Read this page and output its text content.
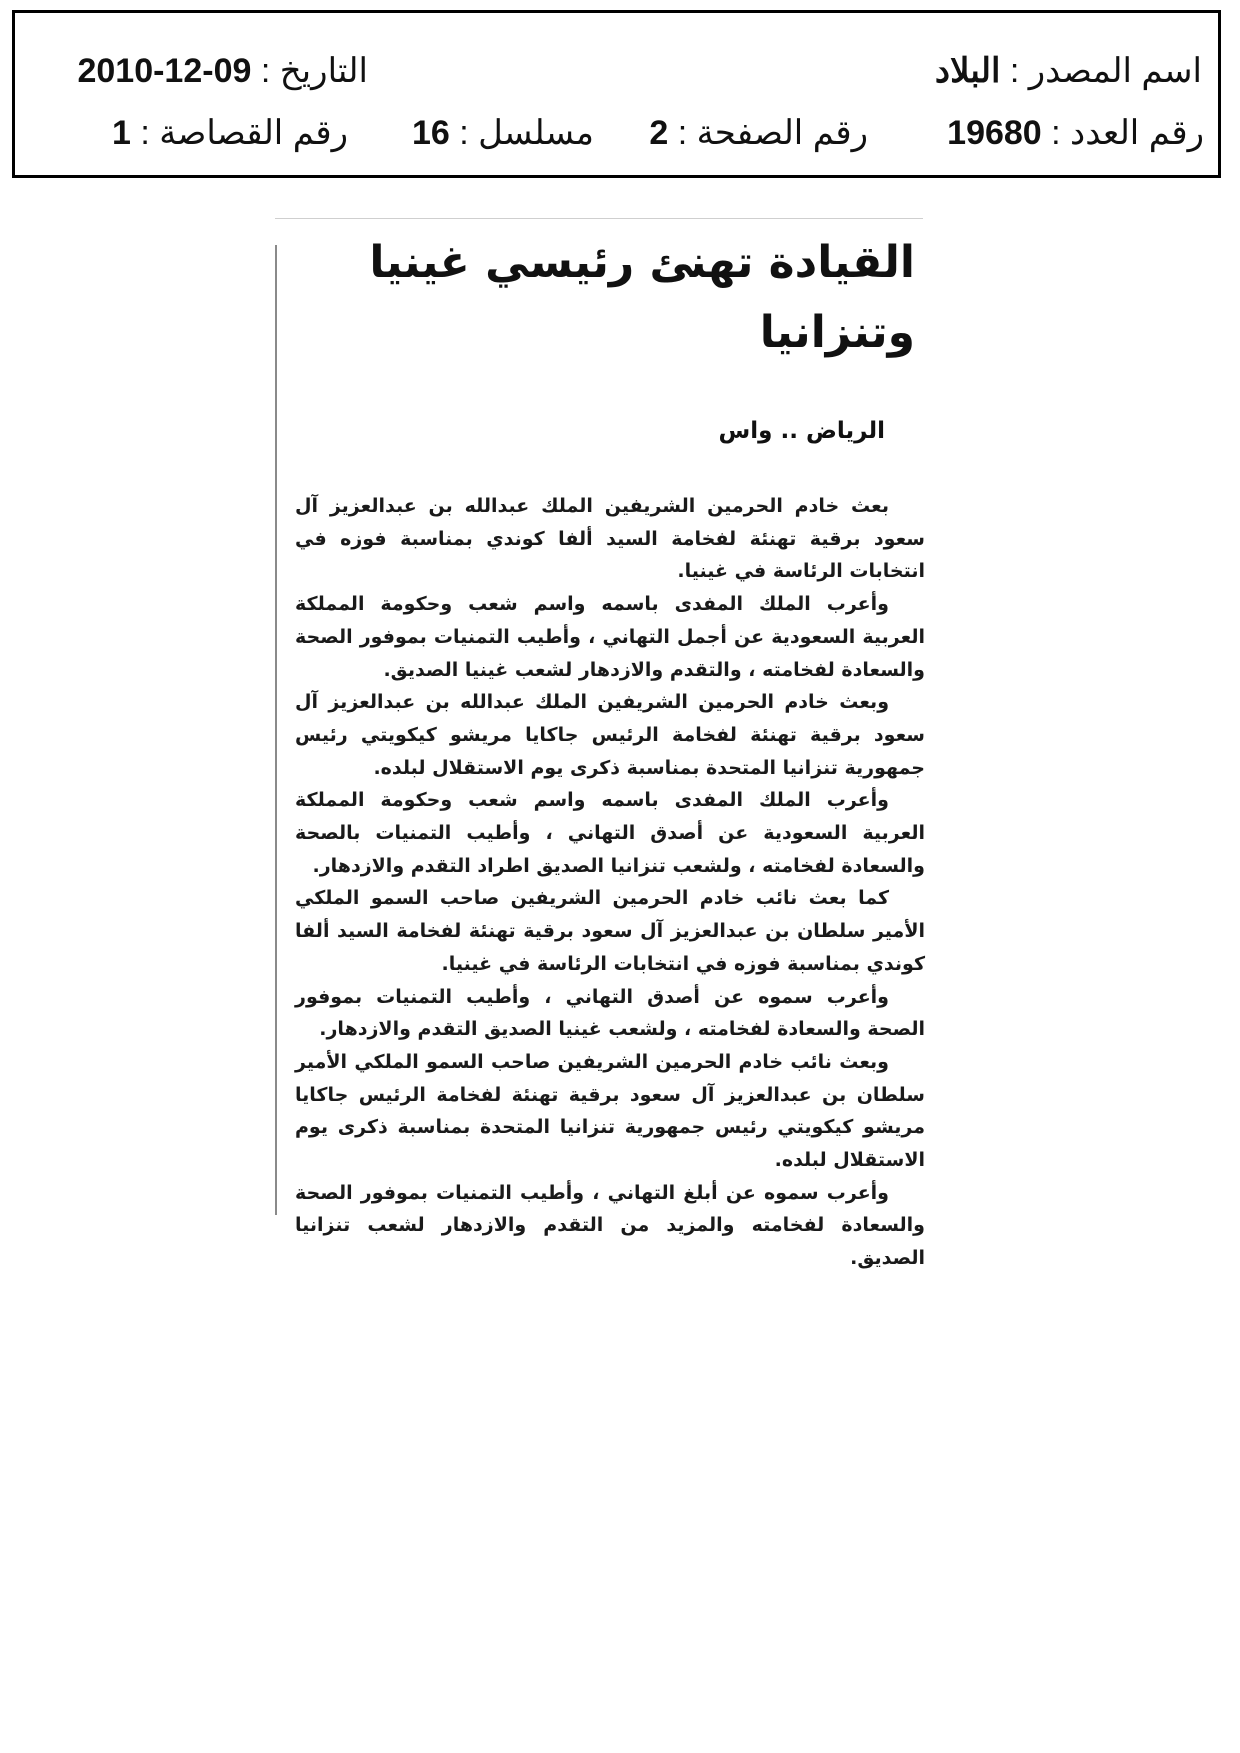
اسم المصدر : البلاد
التاريخ : 2010-12-09
رقم العدد : 19680
رقم الصفحة : 2
مسلسل : 16
رقم القصاصة : 1
القيادة تهنئ رئيسي غينيا وتنزانيا
الرياض .. واس

بعث خادم الحرمين الشريفين الملك عبدالله بن عبدالعزيز آل سعود برقية تهنئة لفخامة السيد ألفا كوندي بمناسبة فوزه في انتخابات الرئاسة في غينيا.

وأعرب الملك المفدى باسمه واسم شعب وحكومة المملكة العربية السعودية عن أجمل التهاني ، وأطيب التمنيات بموفور الصحة والسعادة لفخامته ، والتقدم والازدهار لشعب غينيا الصديق.

وبعث خادم الحرمين الشريفين الملك عبدالله بن عبدالعزيز آل سعود برقية تهنئة لفخامة الرئيس جاكايا مريشو كيكويتي رئيس جمهورية تنزانيا المتحدة بمناسبة ذكرى يوم الاستقلال لبلده.

وأعرب الملك المفدى باسمه واسم شعب وحكومة المملكة العربية السعودية عن أصدق التهاني ، وأطيب التمنيات بالصحة والسعادة لفخامته ، ولشعب تنزانيا الصديق اطراد التقدم والازدهار.

كما بعث نائب خادم الحرمين الشريفين صاحب السمو الملكي الأمير سلطان بن عبدالعزيز آل سعود برقية تهنئة لفخامة السيد ألفا كوندي بمناسبة فوزه في انتخابات الرئاسة في غينيا.

وأعرب سموه عن أصدق التهاني ، وأطيب التمنيات بموفور الصحة والسعادة لفخامته ، ولشعب غينيا الصديق التقدم والازدهار.

وبعث نائب خادم الحرمين الشريفين صاحب السمو الملكي الأمير سلطان بن عبدالعزيز آل سعود برقية تهنئة لفخامة الرئيس جاكايا مريشو كيكويتي رئيس جمهورية تنزانيا المتحدة بمناسبة ذكرى يوم الاستقلال لبلده.

وأعرب سموه عن أبلغ التهاني ، وأطيب التمنيات بموفور الصحة والسعادة لفخامته والمزيد من التقدم والازدهار لشعب تنزانيا الصديق.
